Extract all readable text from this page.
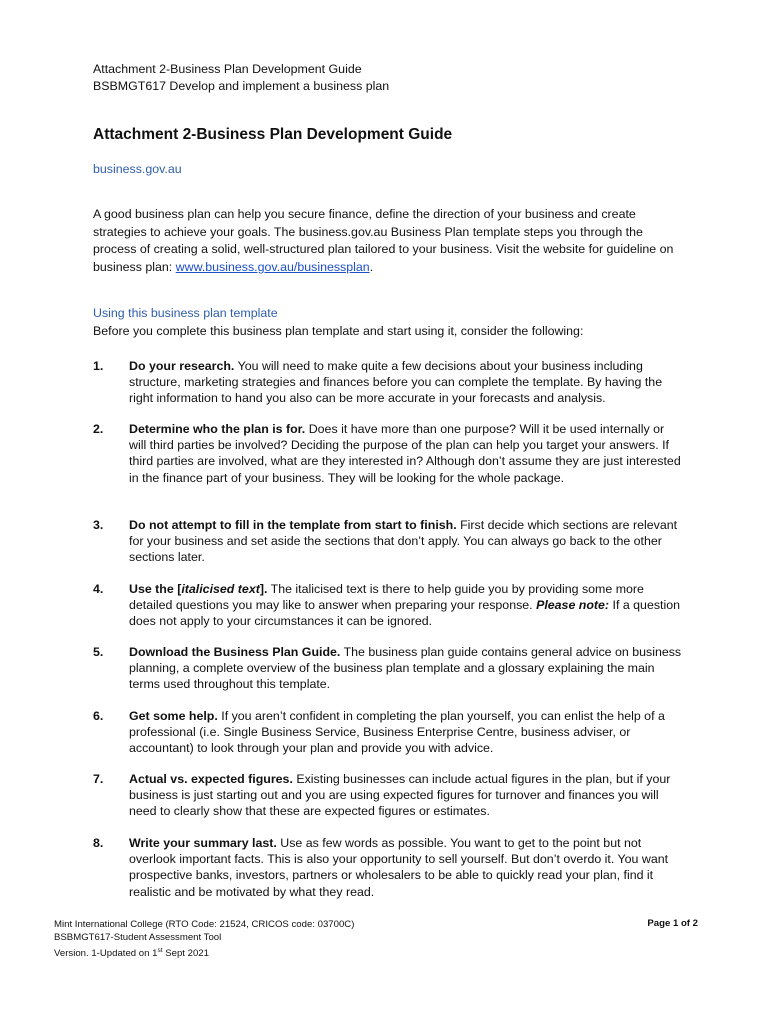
Attachment 2-Business Plan Development Guide
BSBMGT617 Develop and implement a business plan
Attachment 2-Business Plan Development Guide
business.gov.au
A good business plan can help you secure finance, define the direction of your business and create strategies to achieve your goals. The business.gov.au Business Plan template steps you through the process of creating a solid, well-structured plan tailored to your business. Visit the website for guideline on business plan: www.business.gov.au/businessplan.
Using this business plan template
Before you complete this business plan template and start using it, consider the following:
1. Do your research. You will need to make quite a few decisions about your business including structure, marketing strategies and finances before you can complete the template. By having the right information to hand you also can be more accurate in your forecasts and analysis.
2. Determine who the plan is for. Does it have more than one purpose? Will it be used internally or will third parties be involved? Deciding the purpose of the plan can help you target your answers. If third parties are involved, what are they interested in? Although don’t assume they are just interested in the finance part of your business. They will be looking for the whole package.
3. Do not attempt to fill in the template from start to finish. First decide which sections are relevant for your business and set aside the sections that don’t apply. You can always go back to the other sections later.
4. Use the [italicised text]. The italicised text is there to help guide you by providing some more detailed questions you may like to answer when preparing your response. Please note: If a question does not apply to your circumstances it can be ignored.
5. Download the Business Plan Guide. The business plan guide contains general advice on business planning, a complete overview of the business plan template and a glossary explaining the main terms used throughout this template.
6. Get some help. If you aren’t confident in completing the plan yourself, you can enlist the help of a professional (i.e. Single Business Service, Business Enterprise Centre, business adviser, or accountant) to look through your plan and provide you with advice.
7. Actual vs. expected figures. Existing businesses can include actual figures in the plan, but if your business is just starting out and you are using expected figures for turnover and finances you will need to clearly show that these are expected figures or estimates.
8. Write your summary last. Use as few words as possible. You want to get to the point but not overlook important facts. This is also your opportunity to sell yourself. But don’t overdo it. You want prospective banks, investors, partners or wholesalers to be able to quickly read your plan, find it realistic and be motivated by what they read.
Mint International College (RTO Code: 21524, CRICOS code: 03700C)
BSBMGT617-Student Assessment Tool
Version. 1-Updated on 1st Sept 2021
Page 1 of 2
